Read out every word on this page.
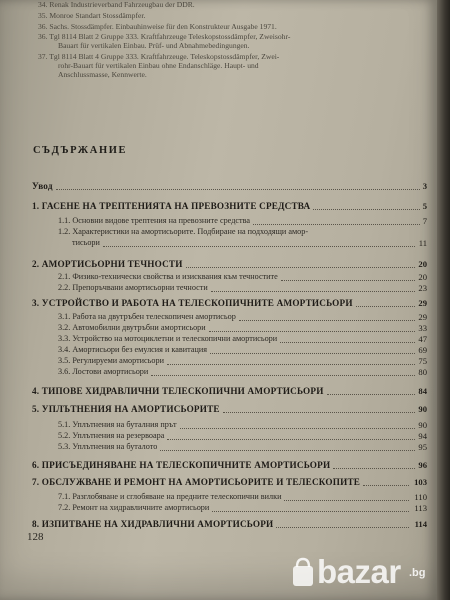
34. Renak Industrieverband Fahrzeugbau der DDR.
35. Monroe Standart Stossdämpfer.
36. Sachs. Stossdämpfer. Einbauhinweise für den Konstrukteur Ausgabe 1971.
36. Tgl 8114 Blatt 2 Gruppe 333. Kraftfahrzeuge Teleskopstossdämpfer, Zweisohr-
Bauart für vertikalen Einbau. Prüf- und Abnahmebedingungen.
37. Tgl 8114 Blatt 4 Gruppe 333. Kraftfahrzeuge. Teleskopstossdämpfer, Zwei-
rohr-Bauart für vertikalen Einbau ohne Endanschläge. Haupt- und
Anschlussmasse, Kennwerte.
СЪДЪРЖАНИЕ
Увод	3
1. ГАСЕНЕ НА ТРЕПТЕНИЯТА НА ПРЕВОЗНИТЕ СРЕДСТВА	5
1.1. Основни видове трептения на превозните средства	7
1.2. Характеристики на амортисьорите. Подбиране на подходящи амор-
тисьори	11
2. АМОРТИСЬОРНИ ТЕЧНОСТИ	20
2.1. Физико-технически свойства и изисквания към течностите	20
2.2. Препоръчвани амортисьорни течности	23
3. УСТРОЙСТВО И РАБОТА НА ТЕЛЕСКОПИЧНИТЕ АМОРТИСЬОРИ	29
3.1. Работа на двутръбен телескопичен амортисьор	29
3.2. Автомобилни двутръбни амортисьори	33
3.3. Устройство на мотоциклетни и телескопични амортисьори	47
3.4. Амортисьори без емулсия и кавитация	69
3.5. Регулируеми амортисьори	75
3.6. Лостови амортисьори	80
4. ТИПОВЕ ХИДРАВЛИЧНИ ТЕЛЕСКОПИЧНИ АМОРТИСЬОРИ	84
5. УПЛЪТНЕНИЯ НА АМОРТИСЬОРИТЕ	90
5.1. Уплътнения на буталния прът	90
5.2. Уплътнения на резервоара	94
5.3. Уплътнения на буталото	95
6. ПРИСЪЕДИНЯВАНЕ НА ТЕЛЕСКОПИЧНИТЕ АМОРТИСЬОРИ	96
7. ОБСЛУЖВАНЕ И РЕМОНТ НА АМОРТИСЬОРИТЕ И ТЕЛЕСКОПИТЕ	103
7.1. Разглобяване и сглобяване на предните телескопични вилки	110
7.2. Ремонт на хидравличните амортисьори	113
8. ИЗПИТВАНЕ НА ХИДРАВЛИЧНИ АМОРТИСЬОРИ	114
128
bazar .bg
